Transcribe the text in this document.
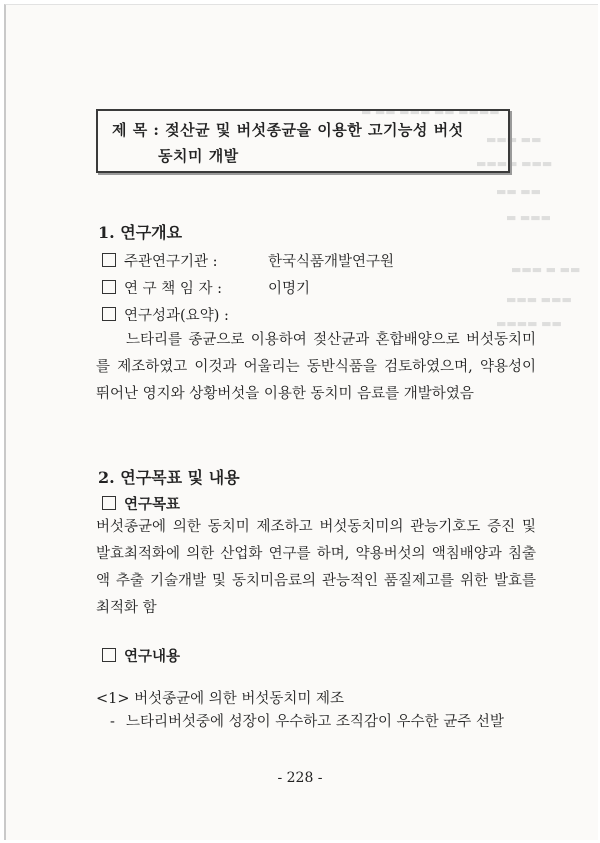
▬ ▬▬ ▬▬▬ ▬▬ ▬▬▬▬
▬▬▬ ▬▬
▬▬▬▬ ▬▬▬
▬▬ ▬▬
▬ ▬▬▬
▬▬▬ ▬ ▬▬
▬▬▬ ▬▬▬
▬▬▬▬ ▬▬
제 목 : 젖산균 및 버섯종균을 이용한 고기능성 버섯
동치미 개발
1. 연구개요
주관연구기관 :	한국식품개발연구원
연 구 책 임 자 :	이명기
연구성과(요약) :
느타리를 종균으로 이용하여 젖산균과 혼합배양으로 버섯동치미를 제조하였고 이것과 어울리는 동반식품을 검토하였으며, 약용성이 뛰어난 영지와 상황버섯을 이용한 동치미 음료를 개발하였음
2. 연구목표 및 내용
연구목표
버섯종균에 의한 동치미 제조하고 버섯동치미의 관능기호도 증진 및 발효최적화에 의한 산업화 연구를 하며, 약용버섯의 액침배양과 침출액 추출 기술개발 및 동치미음료의 관능적인 품질제고를 위한 발효를 최적화 함
연구내용
<1> 버섯종균에 의한 버섯동치미 제조
- 느타리버섯중에 성장이 우수하고 조직감이 우수한 균주 선발
- 228 -
